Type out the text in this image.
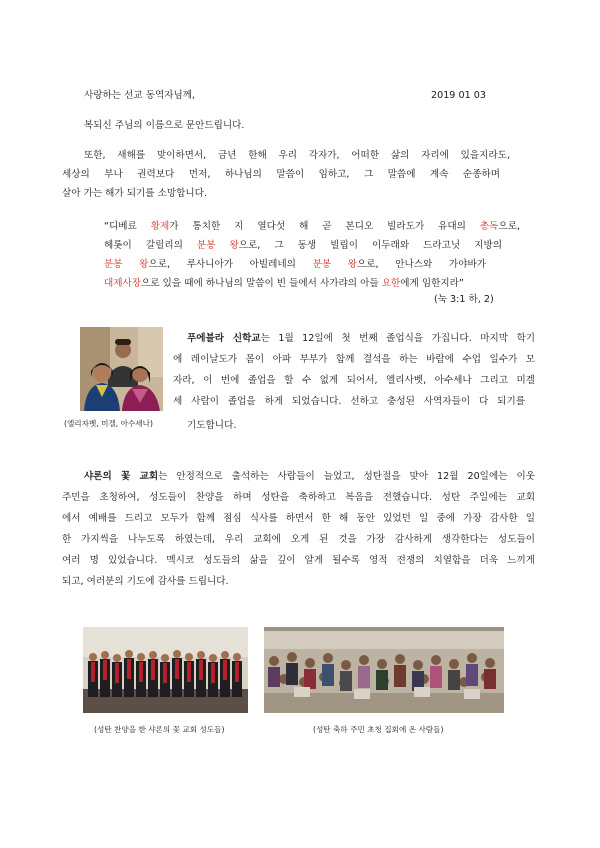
사랑하는 선교 동역자님께,	2019 01 03
복되신 주님의 이름으로 문안드립니다.
또한, 새해를 맞이하면서, 금년 한해 우리 각자가, 어떠한 삶의 자리에 있을지라도,
세상의 부나 권력보다 먼저, 하나님의 말씀이 임하고, 그 말씀에 계속 순종하며
살아 가는 해가 되기를 소망합니다.
“디베료 황제가 통치한 지 열다섯 해 곧 본디오 빌라도가 유대의 총독으로,
헤롯이 갈릴리의 분봉 왕으로, 그 동생 빌립이 이두래와 드라고닛 지방의
분봉 왕으로, 루사니아가 아빌레네의 분봉 왕으로, 안나스와 가야바가
대제사장으로 있을 때에 하나님의 말씀이 빈 들에서 사가랴의 아들 요한에게 임한지라”
(눅 3:1 하, 2)
(엘리자벳, 미겔, 아수세나)
푸에블라 신학교는 1월 12일에 첫 번째 졸업식을 가집니다. 마지막 학기
에 레이날도가 몸이 아파 부부가 함께 결석을 하는 바람에 수업 일수가 모
자라, 이 번에 졸업을 할 수 없게 되어서, 엘리사벳, 아수세나 그리고 미겔
세 사람이 졸업을 하게 되었습니다. 선하고 충성된 사역자들이 다 되기를
기도합니다.
샤론의 꽃 교회는 안정적으로 출석하는 사람들이 늘었고, 성탄절을 맞아 12월 20일에는 이웃
주민을 초청하여, 성도들이 찬양을 하며 성탄을 축하하고 복음을 전했습니다. 성탄 주일에는 교회
에서 예배를 드리고 모두가 함께 점심 식사를 하면서 한 해 동안 있었던 일 중에 가장 감사한 일
한 가지씩을 나누도록 하였는데, 우리 교회에 오게 된 것을 가장 감사하게 생각한다는 성도들이
여러 명 있었습니다. 멕시코 성도들의 삶을 깊이 알게 될수록 영적 전쟁의 치열함을 더욱 느끼게
되고, 여러분의 기도에 감사를 드립니다.
(성탄 찬양을 한 샤론의 꽃 교회 성도들)	(성탄 축하 주민 초청 집회에 온 사람들)
